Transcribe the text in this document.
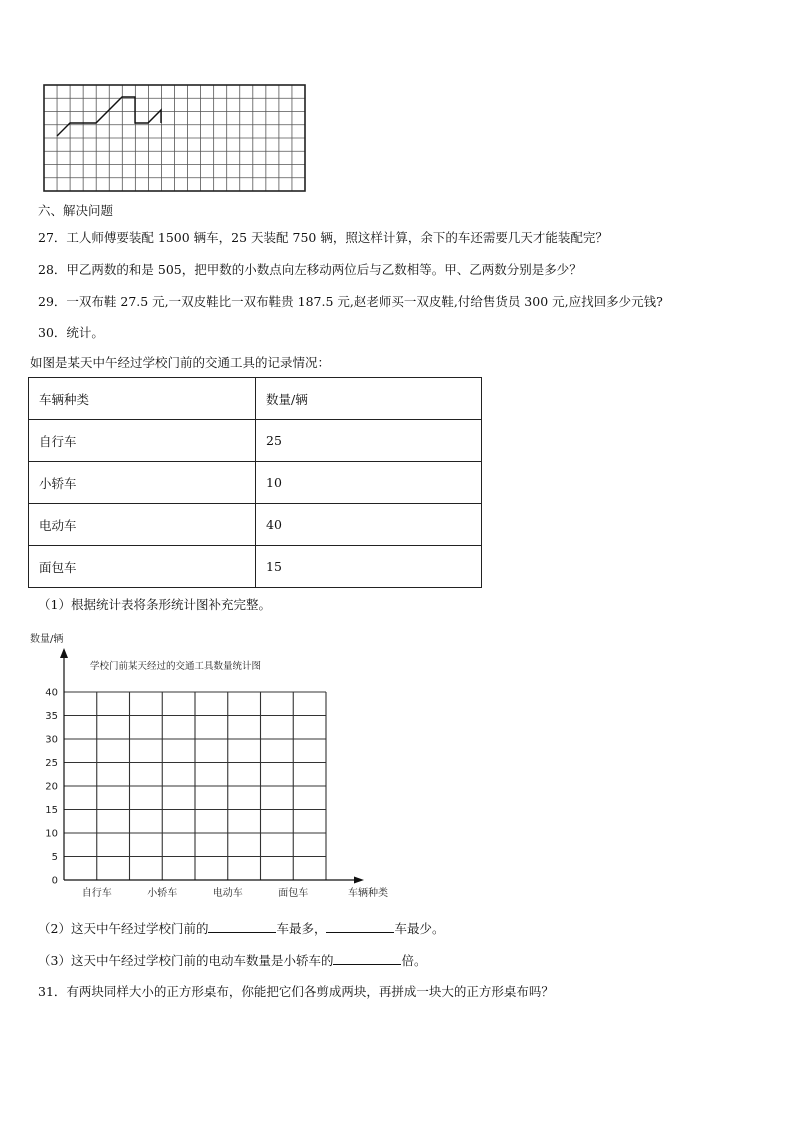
六、解决问题
27．工人师傅要装配 1500 辆车，25 天装配 750 辆，照这样计算，余下的车还需要几天才能装配完？
28．甲乙两数的和是 505，把甲数的小数点向左移动两位后与乙数相等。甲、乙两数分别是多少？
29．一双布鞋 27.5 元,一双皮鞋比一双布鞋贵 187.5 元,赵老师买一双皮鞋,付给售货员 300 元,应找回多少元钱?
30．统计。
如图是某天中午经过学校门前的交通工具的记录情况：
车辆种类	数量/辆
自行车	25
小轿车	10
电动车	40
面包车	15
（1）根据统计表将条形统计图补充完整。
0
5
10
15
20
25
30
35
40
数量/辆
学校门前某天经过的交通工具数量统计图
车辆种类
自行车	小轿车	电动车	面包车
（2）这天中午经过学校门前的	车最多，	车最少。
（3）这天中午经过学校门前的电动车数量是小轿车的	倍。
31．有两块同样大小的正方形桌布，你能把它们各剪成两块，再拼成一块大的正方形桌布吗？
